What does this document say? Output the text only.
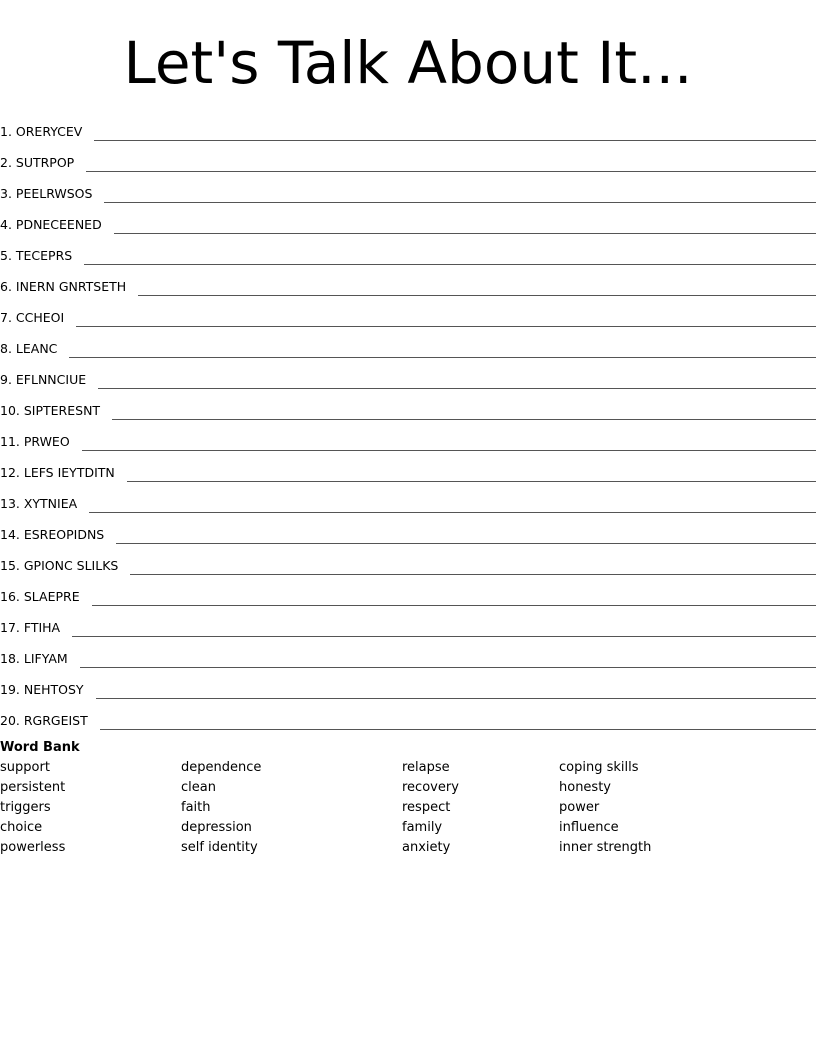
Let's Talk About It...
1. ORERYCEV
2. SUTRPOP
3. PEELRWSOS
4. PDNECEENED
5. TECEPRS
6. INERN GNRTSETH
7. CCHEOI
8. LEANC
9. EFLNNCIUE
10. SIPTERESNT
11. PRWEO
12. LEFS IEYTDITN
13. XYTNIEA
14. ESREOPIDNS
15. GPIONC SLILKS
16. SLAEPRE
17. FTIHA
18. LIFYAM
19. NEHTOSY
20. RGRGEIST
Word Bank
support
persistent
triggers
choice
powerless
dependence
clean
faith
depression
self identity
relapse
recovery
respect
family
anxiety
coping skills
honesty
power
influence
inner strength
